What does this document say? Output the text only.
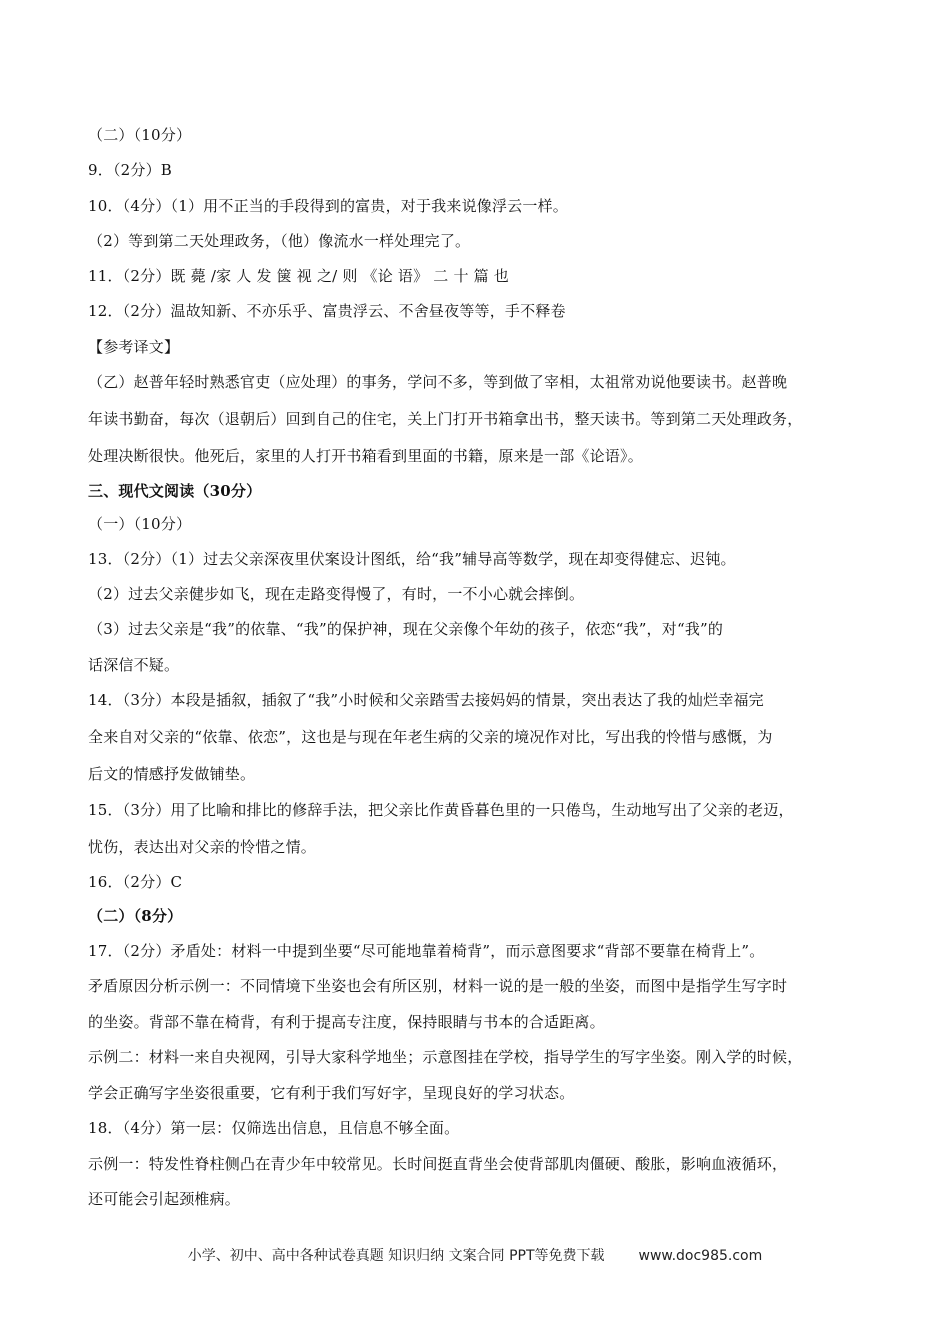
（二）（10分）
9．（2分）B
10．（4分）（1）用不正当的手段得到的富贵，对于我来说像浮云一样。
（2）等到第二天处理政务，（他）像流水一样处理完了。
11．（2分）既 薨 /家 人 发 箧 视 之/ 则 《论 语》 二 十 篇 也
12．（2分）温故知新、不亦乐乎、富贵浮云、不舍昼夜等等，手不释卷
【参考译文】
（乙）赵普年轻时熟悉官吏（应处理）的事务，学问不多，等到做了宰相，太祖常劝说他要读书。赵普晚
年读书勤奋，每次（退朝后）回到自己的住宅，关上门打开书箱拿出书，整天读书。等到第二天处理政务，
处理决断很快。他死后，家里的人打开书箱看到里面的书籍，原来是一部《论语》。
三、现代文阅读（30分）
（一）（10分）
13．（2分）（1）过去父亲深夜里伏案设计图纸，给“我”辅导高等数学，现在却变得健忘、迟钝。
（2）过去父亲健步如飞，现在走路变得慢了，有时，一不小心就会摔倒。
（3）过去父亲是“我”的依靠、“我”的保护神，现在父亲像个年幼的孩子，依恋“我”，对“我”的
话深信不疑。
14．（3分）本段是插叙，插叙了“我”小时候和父亲踏雪去接妈妈的情景，突出表达了我的灿烂幸福完
全来自对父亲的“依靠、依恋”，这也是与现在年老生病的父亲的境况作对比，写出我的怜惜与感慨，为
后文的情感抒发做铺垫。
15．（3分）用了比喻和排比的修辞手法，把父亲比作黄昏暮色里的一只倦鸟，生动地写出了父亲的老迈，
忧伤，表达出对父亲的怜惜之情。
16．（2分）C
（二）（8分）
17．（2分）矛盾处：材料一中提到坐要“尽可能地靠着椅背”，而示意图要求“背部不要靠在椅背上”。
矛盾原因分析示例一：不同情境下坐姿也会有所区别，材料一说的是一般的坐姿，而图中是指学生写字时
的坐姿。背部不靠在椅背，有利于提高专注度，保持眼睛与书本的合适距离。
示例二：材料一来自央视网，引导大家科学地坐；示意图挂在学校，指导学生的写字坐姿。刚入学的时候，
学会正确写字坐姿很重要，它有利于我们写好字，呈现良好的学习状态。
18．（4分）第一层：仅筛选出信息，且信息不够全面。
示例一：特发性脊柱侧凸在青少年中较常见。长时间挺直背坐会使背部肌肉僵硬、酸胀，影响血液循环，
还可能会引起颈椎病。
小学、初中、高中各种试卷真题 知识归纳 文案合同 PPT等免费下载 www.doc985.com
